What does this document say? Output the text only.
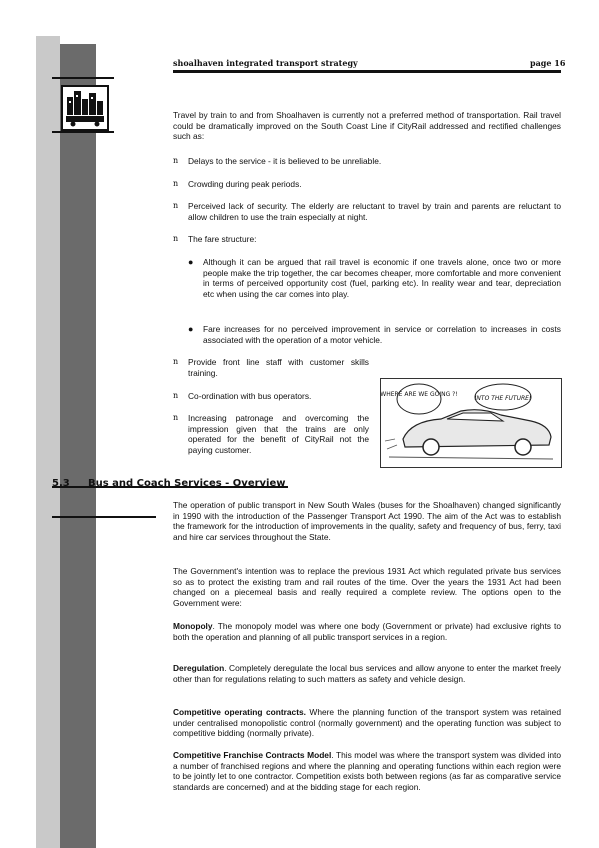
shoalhaven integrated transport strategy	page 16
Travel by train to and from Shoalhaven is currently not a preferred method of transportation. Rail travel could be dramatically improved on the South Coast Line if CityRail addressed and rectified challenges such as:
n Delays to the service - it is believed to be unreliable.
n Crowding during peak periods.
n Perceived lack of security. The elderly are reluctant to travel by train and parents are reluctant to allow children to use the train especially at night.
n The fare structure:
● Although it can be argued that rail travel is economic if one travels alone, once two or more people make the trip together, the car becomes cheaper, more comfortable and more convenient in terms of perceived opportunity cost (fuel, parking etc). In reality wear and tear, depreciation etc when using the car comes into play.
● Fare increases for no perceived improvement in service or correlation to increases in costs associated with the operation of a motor vehicle.
n Provide front line staff with customer skills training.
n Co-ordination with bus operators.
n Increasing patronage and overcoming the impression given that the trains are only operated for the benefit of CityRail not the paying customer.
WHERE ARE WE GOING ?!
INTO THE FUTURE!
5.3 Bus and Coach Services - Overview
The operation of public transport in New South Wales (buses for the Shoalhaven) changed significantly in 1990 with the introduction of the Passenger Transport Act 1990. The aim of the Act was to establish the framework for the introduction of improvements in the quality, safety and frequency of bus, ferry, taxi and hire car services throughout the State.
The Government's intention was to replace the previous 1931 Act which regulated private bus services so as to protect the existing tram and rail routes of the time. Over the years the 1931 Act had been changed on a piecemeal basis and really required a complete review. The options open to the Government were:
Monopoly. The monopoly model was where one body (Government or private) had exclusive rights to both the operation and planning of all public transport services in a region.
Deregulation. Completely deregulate the local bus services and allow anyone to enter the market freely other than for regulations relating to such matters as safety and vehicle design.
Competitive operating contracts. Where the planning function of the transport system was retained under centralised monopolistic control (normally government) and the operating function was subject to competitive bidding (normally private).
Competitive Franchise Contracts Model. This model was where the transport system was divided into a number of franchised regions and where the planning and operating functions within each region were to be jointly let to one contractor. Competition exists both between regions (as far as comparative service standards are concerned) and at the bidding stage for each region.
